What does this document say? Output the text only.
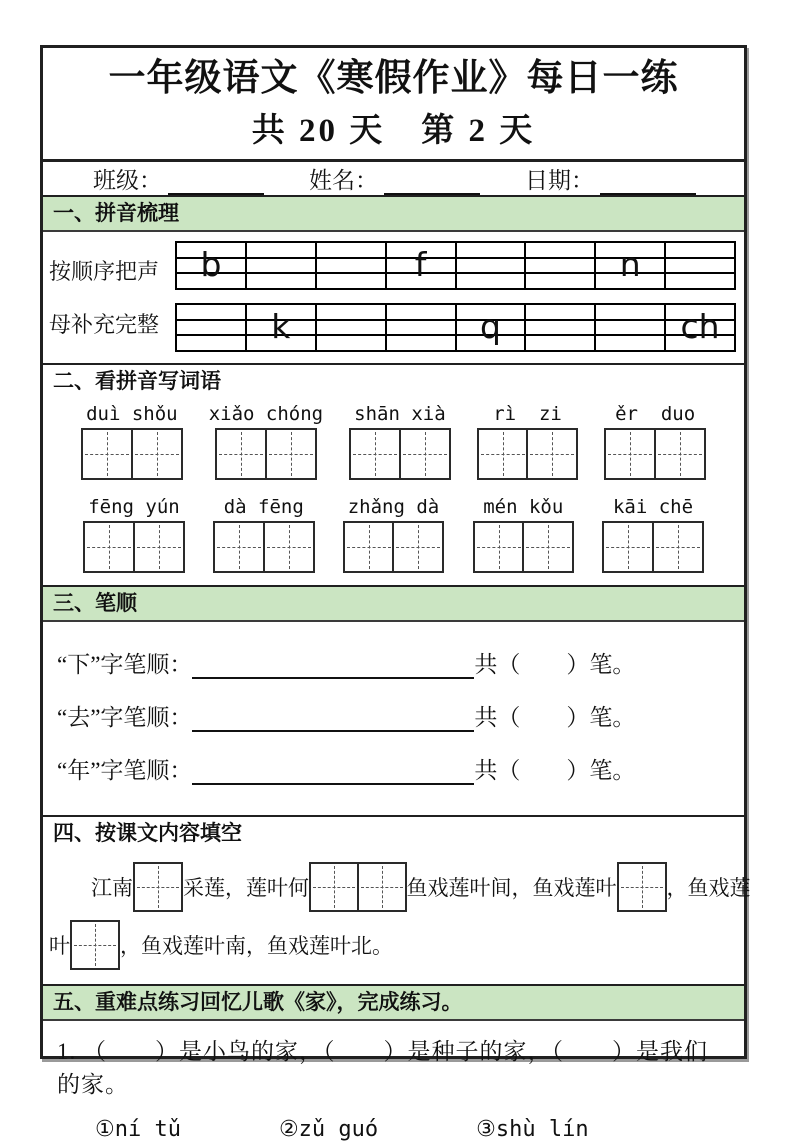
一年级语文《寒假作业》每日一练
共 20 天　第 2 天
班级：	姓名：	日期：
一、拼音梳理
按顺序把声
母补充完整
b	f	n
k	q	ch
二、看拼音写词语
duì shǒu xiǎo chóng shān xià	rì  zi	ěr  duo
fēng yún dà fēng zhǎng dà mén kǒu	kāi chē
三、笔顺
“下”字笔顺：	共（　　）笔。
“去”字笔顺：	共（　　）笔。
“年”字笔顺：	共（　　）笔。
四、按课文内容填空
江南 采莲，莲叶何	鱼戏莲叶间，鱼戏莲叶 ，鱼戏莲
叶 ，鱼戏莲叶南，鱼戏莲叶北。
五、重难点练习回忆儿歌《家》，完成练习。
1. （　　）是小鸟的家，（　　）是种子的家，（　　）是我们的家。
①ní tǔ	②zǔ guó	③shù lín
